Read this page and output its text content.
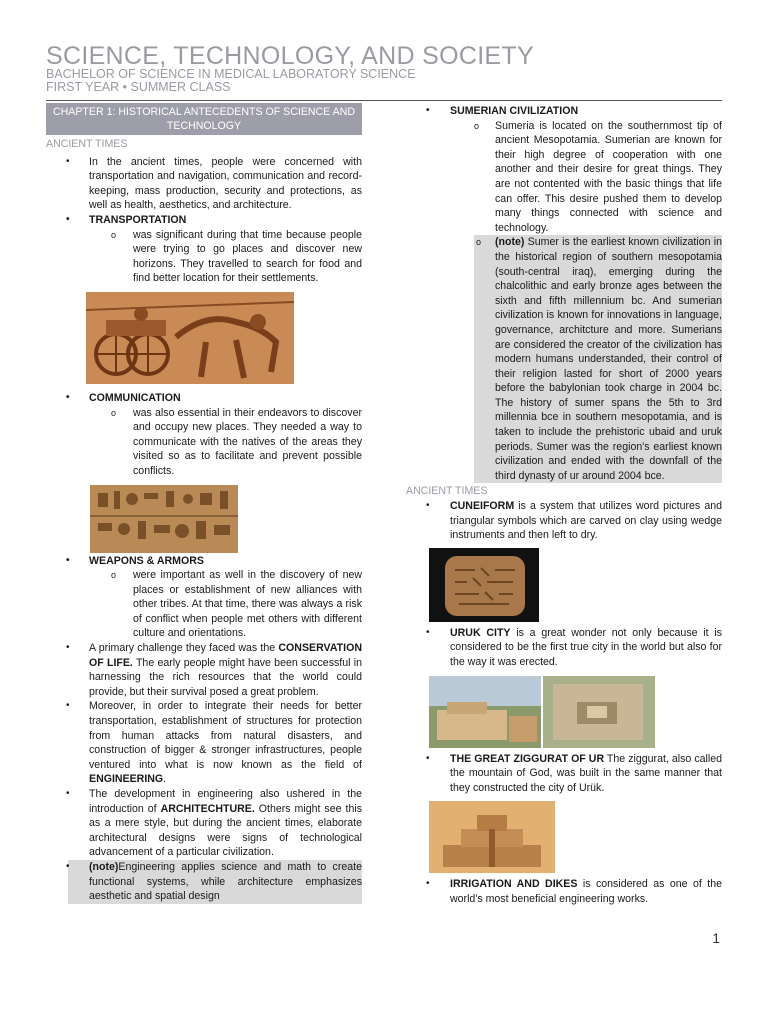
SCIENCE, TECHNOLOGY, AND SOCIETY
BACHELOR OF SCIENCE IN MEDICAL LABORATORY SCIENCE
FIRST YEAR • SUMMER CLASS
CHAPTER 1: HISTORICAL ANTECEDENTS OF SCIENCE AND TECHNOLOGY
ANCIENT TIMES
• In the ancient times, people were concerned with transportation and navigation, communication and record-keeping, mass production, security and protections, as well as health, aesthetics, and architecture.
• TRANSPORTATION
o was significant during that time because people were trying to go places and discover new horizons. They travelled to search for food and find better location for their settlements.
• COMMUNICATION
o was also essential in their endeavors to discover and occupy new places. They needed a way to communicate with the natives of the areas they visited so as to facilitate and prevent possible conflicts.
• WEAPONS & ARMORS
o were important as well in the discovery of new places or establishment of new alliances with other tribes. At that time, there was always a risk of conflict when people met others with different culture and orientations.
• A primary challenge they faced was the CONSERVATION OF LIFE. The early people might have been successful in harnessing the rich resources that the world could provide, but their survival posed a great problem.
• Moreover, in order to integrate their needs for better transportation, establishment of structures for protection from human attacks from natural disasters, and construction of bigger & stronger infrastructures, people ventured into what is now known as the field of ENGINEERING.
• The development in engineering also ushered in the introduction of ARCHITECHTURE. Others might see this as a mere style, but during the ancient times, elaborate architectural designs were signs of technological advancement of a particular civilization.
• (note)Engineering applies science and math to create functional systems, while architecture emphasizes aesthetic and spatial design
• SUMERIAN CIVILIZATION
o Sumeria is located on the southernmost tip of ancient Mesopotamia. Sumerian are known for their high degree of cooperation with one another and their desire for great things. They are not contented with the basic things that life can offer. This desire pushed them to develop many things connected with science and technology.
o (note) Sumer is the earliest known civilization in the historical region of southern mesopotamia (south-central iraq), emerging during the chalcolithic and early bronze ages between the sixth and fifth millennium bc. And sumerian civilization is known for innovations in language, governance, architcture and more. Sumerians are considered the creator of the civilization has modern humans understanded, their control of their religion lasted for short of 2000 years before the babylonian took charge in 2004 bc. The history of sumer spans the 5th to 3rd millennia bce in southern mesopotamia, and is taken to include the prehistoric ubaid and uruk periods. Sumer was the region's earliest known civilization and ended with the downfall of the third dynasty of ur around 2004 bce.
ANCIENT TIMES
• CUNEIFORM is a system that utilizes word pictures and triangular symbols which are carved on clay using wedge instruments and then left to dry.
• URUK CITY is a great wonder not only because it is considered to be the first true city in the world but also for the way it was erected.
• THE GREAT ZIGGURAT OF UR The ziggurat, also called the mountain of God, was built in the same manner that they constructed the city of Urük.
• IRRIGATION AND DIKES is considered as one of the world's most beneficial engineering works.
1
